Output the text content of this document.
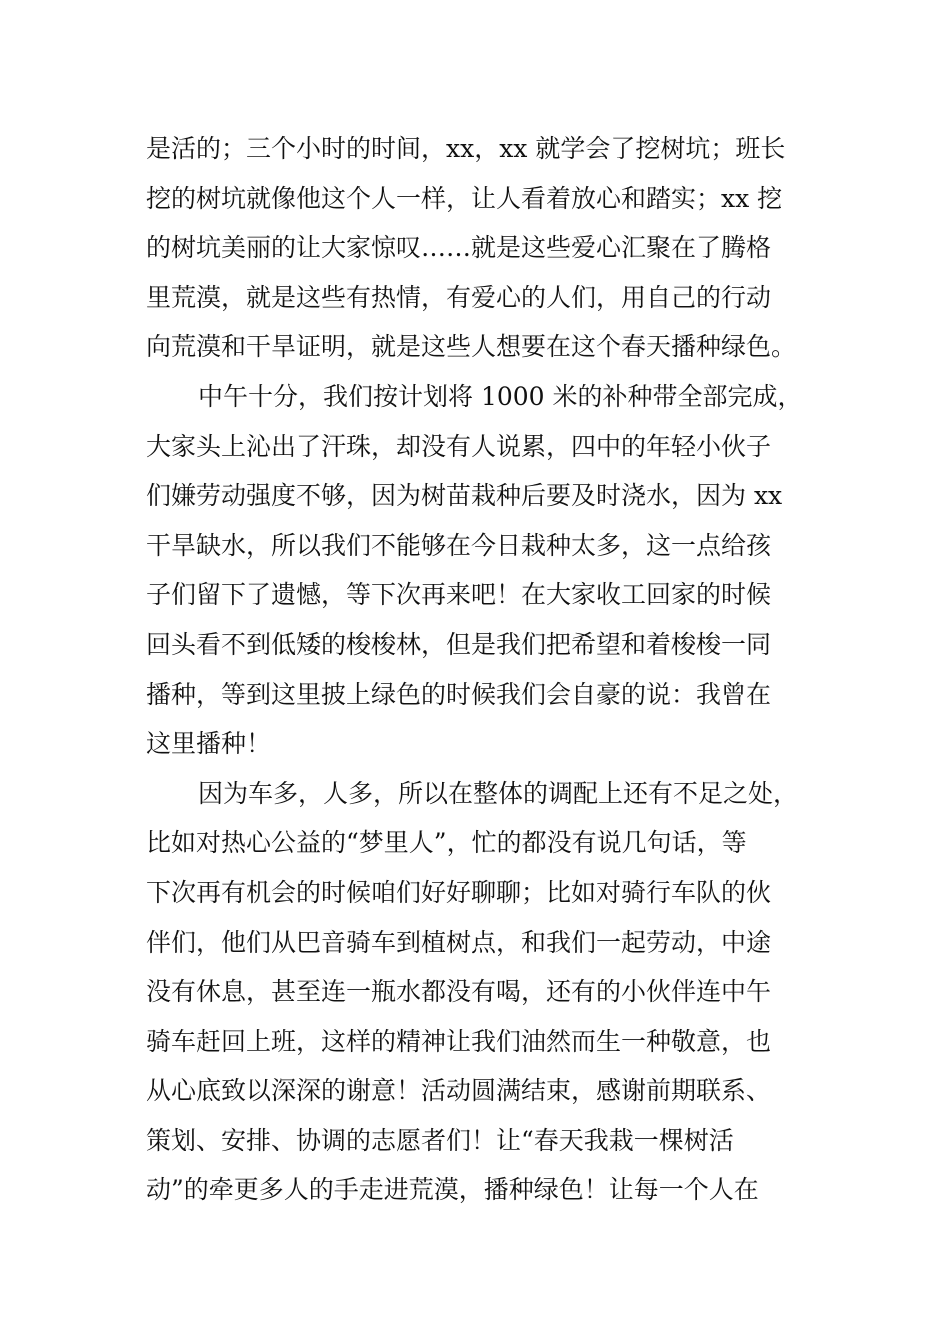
是活的；三个小时的时间，xx，xx 就学会了挖树坑；班长
挖的树坑就像他这个人一样，让人看着放心和踏实；xx 挖
的树坑美丽的让大家惊叹……就是这些爱心汇聚在了腾格
里荒漠，就是这些有热情，有爱心的人们，用自己的行动
向荒漠和干旱证明，就是这些人想要在这个春天播种绿色。
中午十分，我们按计划将 1000 米的补种带全部完成，
大家头上沁出了汗珠，却没有人说累，四中的年轻小伙子
们嫌劳动强度不够，因为树苗栽种后要及时浇水，因为 xx
干旱缺水，所以我们不能够在今日栽种太多，这一点给孩
子们留下了遗憾，等下次再来吧！在大家收工回家的时候
回头看不到低矮的梭梭林，但是我们把希望和着梭梭一同
播种，等到这里披上绿色的时候我们会自豪的说：我曾在
这里播种！
因为车多，人多，所以在整体的调配上还有不足之处，
比如对热心公益的“梦里人”，忙的都没有说几句话，等
下次再有机会的时候咱们好好聊聊；比如对骑行车队的伙
伴们，他们从巴音骑车到植树点，和我们一起劳动，中途
没有休息，甚至连一瓶水都没有喝，还有的小伙伴连中午
骑车赶回上班，这样的精神让我们油然而生一种敬意，也
从心底致以深深的谢意！活动圆满结束，感谢前期联系、
策划、安排、协调的志愿者们！让“春天我栽一棵树活
动”的牵更多人的手走进荒漠，播种绿色！让每一个人在
